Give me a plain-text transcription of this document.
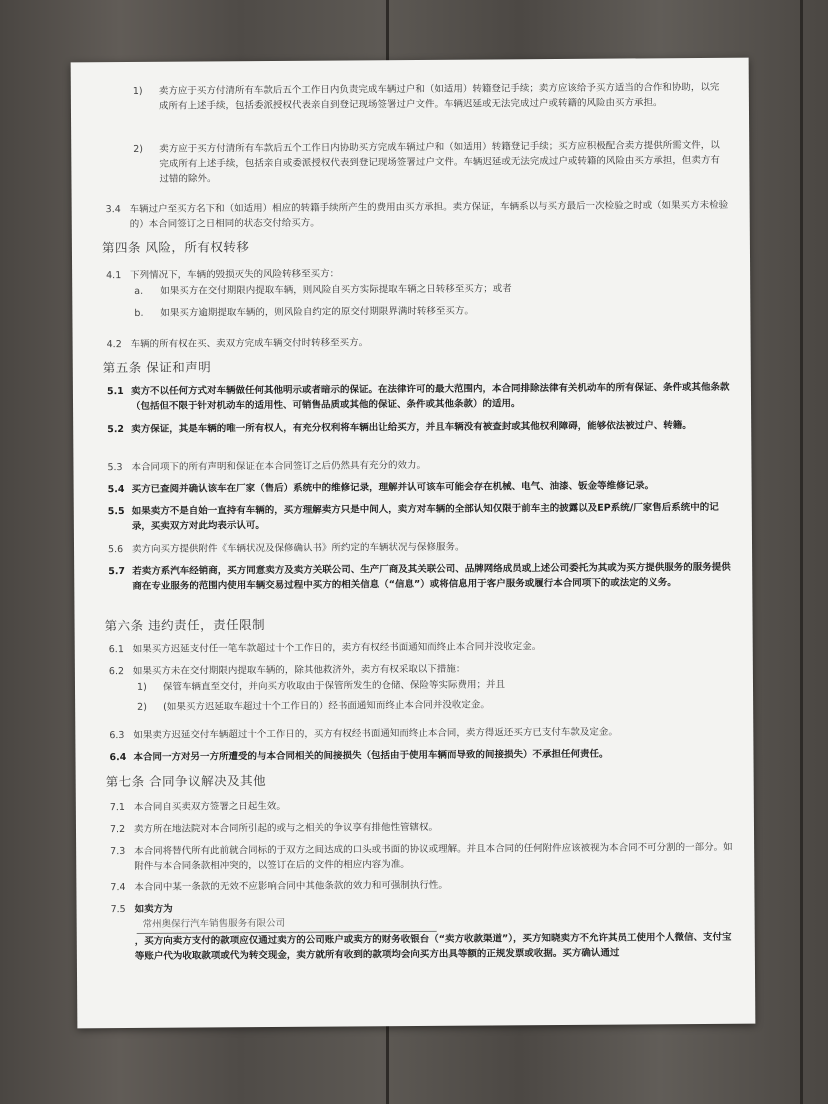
1) 卖方应于买方付清所有车款后五个工作日内负责完成车辆过户和（如适用）转籍登记手续；卖方应该给予买方适当的合作和协助，以完成所有上述手续，包括委派授权代表亲自到登记现场签署过户文件。车辆迟延或无法完成过户或转籍的风险由买方承担。
2) 卖方应于买方付清所有车款后五个工作日内协助买方完成车辆过户和（如适用）转籍登记手续；买方应积极配合卖方提供所需文件，以完成所有上述手续，包括亲自或委派授权代表到登记现场签署过户文件。车辆迟延或无法完成过户或转籍的风险由买方承担，但卖方有过错的除外。
3.4 车辆过户至买方名下和（如适用）相应的转籍手续所产生的费用由买方承担。卖方保证，车辆系以与买方最后一次检验之时或（如果买方未检验的）本合同签订之日相同的状态交付给买方。
第四条 风险，所有权转移
4.1 下列情况下，车辆的毁损灭失的风险转移至买方：
a. 如果买方在交付期限内提取车辆，则风险自买方实际提取车辆之日转移至买方；或者
b. 如果买方逾期提取车辆的，则风险自约定的原交付期限界满时转移至买方。
4.2 车辆的所有权在买、卖双方完成车辆交付时转移至买方。
第五条 保证和声明
5.1 卖方不以任何方式对车辆做任何其他明示或者暗示的保证。在法律许可的最大范围内，本合同排除法律有关机动车的所有保证、条件或其他条款（包括但不限于针对机动车的适用性、可销售品质或其他的保证、条件或其他条款）的适用。
5.2 卖方保证，其是车辆的唯一所有权人，有充分权利将车辆出让给买方，并且车辆没有被查封或其他权利障碍，能够依法被过户、转籍。
5.3 本合同项下的所有声明和保证在本合同签订之后仍然具有充分的效力。
5.4 买方已查阅并确认该车在厂家（售后）系统中的维修记录，理解并认可该车可能会存在机械、电气、油漆、钣金等维修记录。
5.5 如果卖方不是自始一直持有车辆的，买方理解卖方只是中间人，卖方对车辆的全部认知仅限于前车主的披露以及EP系统/厂家售后系统中的记录，买卖双方对此均表示认可。
5.6 卖方向买方提供附件《车辆状况及保修确认书》所约定的车辆状况与保修服务。
5.7 若卖方系汽车经销商，买方同意卖方及卖方关联公司、生产厂商及其关联公司、品牌网络成员或上述公司委托为其或为买方提供服务的服务提供商在专业服务的范围内使用车辆交易过程中买方的相关信息（“信息”）或将信息用于客户服务或履行本合同项下的或法定的义务。
第六条 违约责任，责任限制
6.1 如果买方迟延支付任一笔车款超过十个工作日的，卖方有权经书面通知而终止本合同并没收定金。
6.2 如果买方未在交付期限内提取车辆的，除其他救济外，卖方有权采取以下措施：
1) 保管车辆直至交付，并向买方收取由于保管所发生的仓储、保险等实际费用；并且
2) (如果买方迟延取车超过十个工作日的）经书面通知而终止本合同并没收定金。
6.3 如果卖方迟延交付车辆超过十个工作日的，买方有权经书面通知而终止本合同，卖方得返还买方已支付车款及定金。
6.4 本合同一方对另一方所遭受的与本合同相关的间接损失（包括由于使用车辆而导致的间接损失）不承担任何责任。
第七条 合同争议解决及其他
7.1 本合同自买卖双方签署之日起生效。
7.2 卖方所在地法院对本合同所引起的或与之相关的争议享有排他性管辖权。
7.3 本合同将替代所有此前就合同标的于双方之间达成的口头或书面的协议或理解。并且本合同的任何附件应该被视为本合同不可分割的一部分。如附件与本合同条款相冲突的，以签订在后的文件的相应内容为准。
7.4 本合同中某一条款的无效不应影响合同中其他条款的效力和可强制执行性。
7.5 如卖方为
常州奥保行汽车销售服务有限公司
，买方向卖方支付的款项应仅通过卖方的公司账户或卖方的财务收银台（“卖方收款渠道”），买方知晓卖方不允许其员工使用个人微信、支付宝等账户代为收取款项或代为转交现金，卖方就所有收到的款项均会向买方出具等额的正规发票或收据。买方确认通过
